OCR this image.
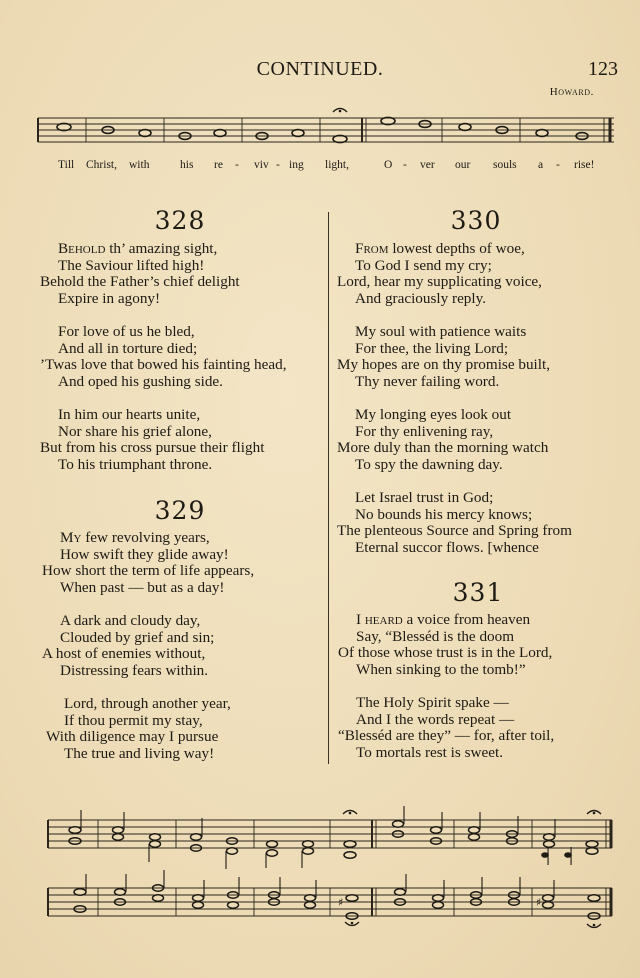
CONTINUED.	123
Howard.
Till Christ, with	his re - viv - ing light,	O - ver our souls a - rise!
328
Behold th’ amazing sight,
The Saviour lifted high!
Behold the Father’s chief delight
Expire in agony!
For love of us he bled,
And all in torture died;
’Twas love that bowed his fainting head,
And oped his gushing side.
In him our hearts unite,
Nor share his grief alone,
But from his cross pursue their flight
To his triumphant throne.
329
My few revolving years,
How swift they glide away!
How short the term of life appears,
When past — but as a day!
A dark and cloudy day,
Clouded by grief and sin;
A host of enemies without,
Distressing fears within.
Lord, through another year,
If thou permit my stay,
With diligence may I pursue
The true and living way!
330
From lowest depths of woe,
To God I send my cry;
Lord, hear my supplicating voice,
And graciously reply.
My soul with patience waits
For thee, the living Lord;
My hopes are on thy promise built,
Thy never failing word.
My longing eyes look out
For thy enlivening ray,
More duly than the morning watch
To spy the dawning day.
Let Israel trust in God;
No bounds his mercy knows;
The plenteous Source and Spring from
Eternal succor flows. [whence
331
I heard a voice from heaven
Say, “Blesséd is the doom
Of those whose trust is in the Lord,
When sinking to the tomb!”
The Holy Spirit spake —
And I the words repeat —
“Blesséd are they” — for, after toil,
To mortals rest is sweet.
♯	♯
